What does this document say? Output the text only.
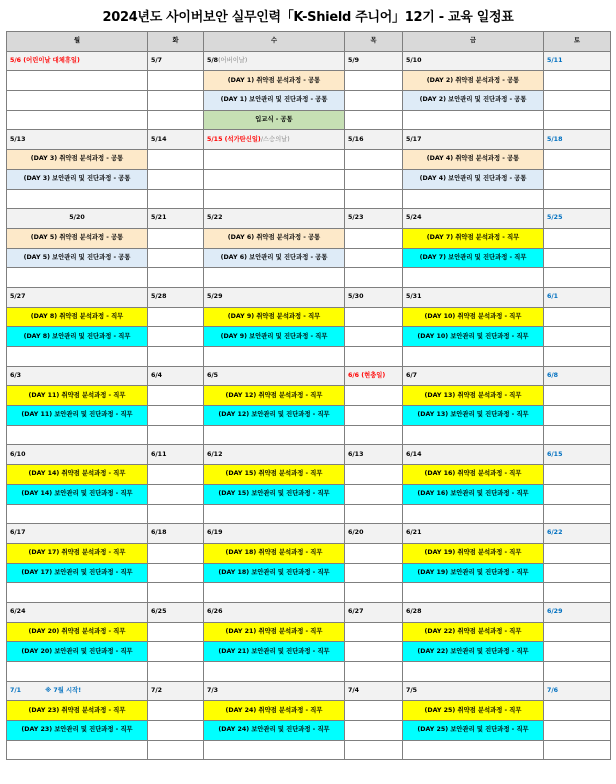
2024년도 사이버보안 실무인력「K-Shield 주니어」12기 - 교육 일정표
월	화	수	목	금	토
5/6 (어린이날 대체휴일)	5/7	5/8(어버이날)	5/9	5/10	5/11
		(DAY 1) 취약점 분석과정 - 공통		(DAY 2) 취약점 분석과정 - 공통	
		(DAY 1) 보안관리 및 진단과정 - 공통		(DAY 2) 보안관리 및 진단과정 - 공통	
		입교식 - 공통			
5/13	5/14	5/15 (석가탄신일)/스승의날)	5/16	5/17	5/18
(DAY 3) 취약점 분석과정 - 공통				(DAY 4) 취약점 분석과정 - 공통	
(DAY 3) 보안관리 및 진단과정 - 공통				(DAY 4) 보안관리 및 진단과정 - 공통	

5/20	5/21	5/22	5/23	5/24	5/25
(DAY 5) 취약점 분석과정 - 공통		(DAY 6) 취약점 분석과정 - 공통		(DAY 7) 취약점 분석과정 - 직무	
(DAY 5) 보안관리 및 진단과정 - 공통		(DAY 6) 보안관리 및 진단과정 - 공통		(DAY 7) 보안관리 및 진단과정 - 직무	

5/27	5/28	5/29	5/30	5/31	6/1
(DAY 8) 취약점 분석과정 - 직무		(DAY 9) 취약점 분석과정 - 직무		(DAY 10) 취약점 분석과정 - 직무	
(DAY 8) 보안관리 및 진단과정 - 직무		(DAY 9) 보안관리 및 진단과정 - 직무		(DAY 10) 보안관리 및 진단과정 - 직무	

6/3	6/4	6/5	6/6 (현충일)	6/7	6/8
(DAY 11) 취약점 분석과정 - 직무		(DAY 12) 취약점 분석과정 - 직무		(DAY 13) 취약점 분석과정 - 직무	
(DAY 11) 보안관리 및 진단과정 - 직무		(DAY 12) 보안관리 및 진단과정 - 직무		(DAY 13) 보안관리 및 진단과정 - 직무	

6/10	6/11	6/12	6/13	6/14	6/15
(DAY 14) 취약점 분석과정 - 직무		(DAY 15) 취약점 분석과정 - 직무		(DAY 16) 취약점 분석과정 - 직무	
(DAY 14) 보안관리 및 진단과정 - 직무		(DAY 15) 보안관리 및 진단과정 - 직무		(DAY 16) 보안관리 및 진단과정 - 직무	

6/17	6/18	6/19	6/20	6/21	6/22
(DAY 17) 취약점 분석과정 - 직무		(DAY 18) 취약점 분석과정 - 직무		(DAY 19) 취약점 분석과정 - 직무	
(DAY 17) 보안관리 및 진단과정 - 직무		(DAY 18) 보안관리 및 진단과정 - 직무		(DAY 19) 보안관리 및 진단과정 - 직무	

6/24	6/25	6/26	6/27	6/28	6/29
(DAY 20) 취약점 분석과정 - 직무		(DAY 21) 취약점 분석과정 - 직무		(DAY 22) 취약점 분석과정 - 직무	
(DAY 20) 보안관리 및 진단과정 - 직무		(DAY 21) 보안관리 및 진단과정 - 직무		(DAY 22) 보안관리 및 진단과정 - 직무	

7/1 ※ 7월 시작!	7/2	7/3	7/4	7/5	7/6
(DAY 23) 취약점 분석과정 - 직무		(DAY 24) 취약점 분석과정 - 직무		(DAY 25) 취약점 분석과정 - 직무	
(DAY 23) 보안관리 및 진단과정 - 직무		(DAY 24) 보안관리 및 진단과정 - 직무		(DAY 25) 보안관리 및 진단과정 - 직무	
